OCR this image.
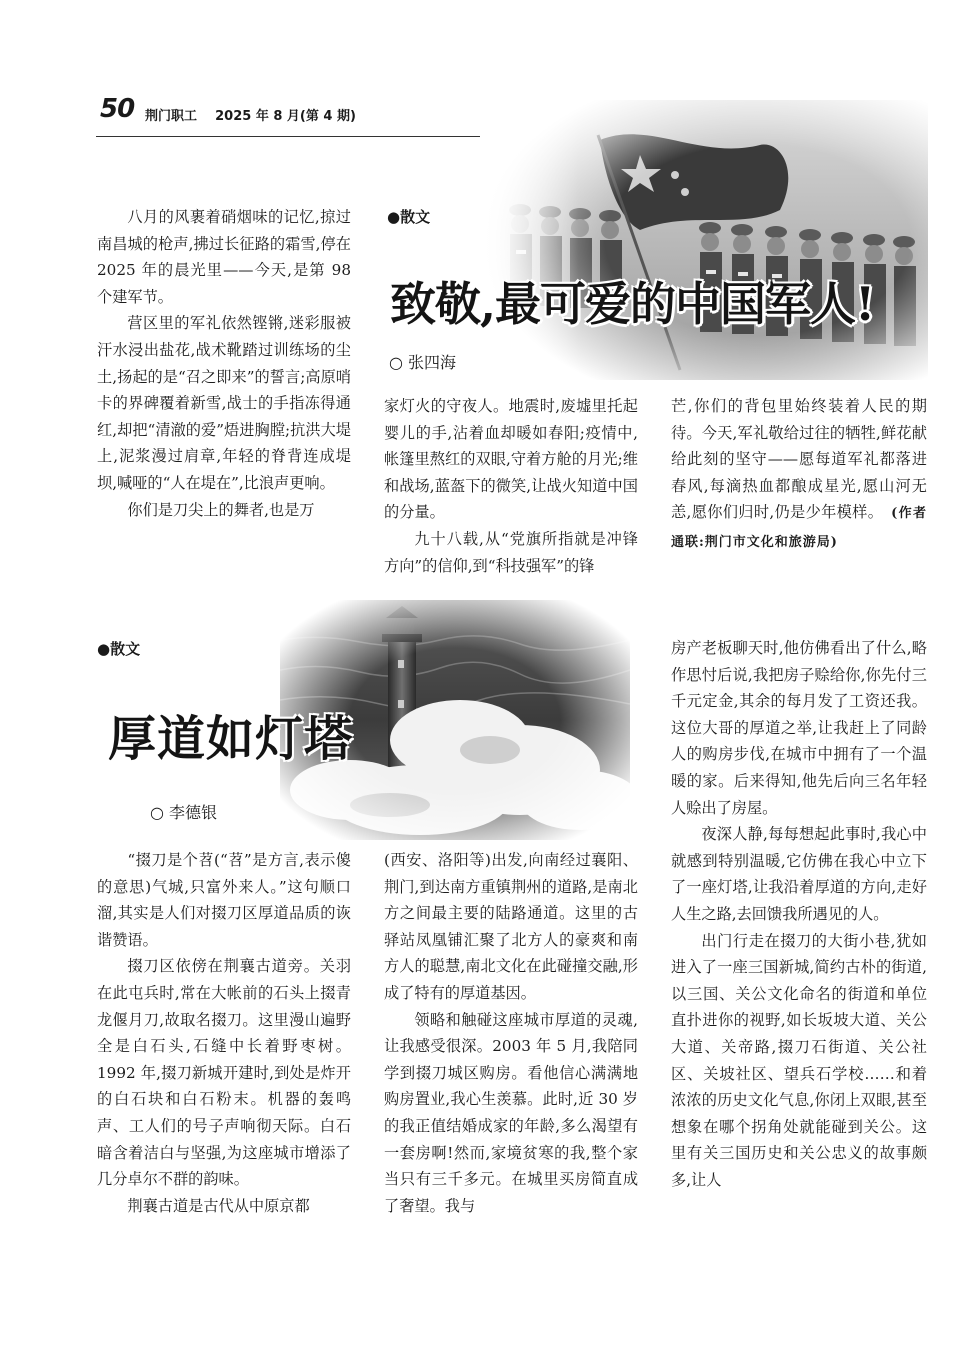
50 荆门职工 2025 年 8 月(第 4 期)
●散文
致敬,最可爱的中国军人!
○ 张四海

八月的风裹着硝烟味的记忆,掠过南昌城的枪声,拂过长征路的霜雪,停在 2025 年的晨光里——今天,是第 98 个建军节。

营区里的军礼依然铿锵,迷彩服被汗水浸出盐花,战术靴踏过训练场的尘土,扬起的是“召之即来”的誓言;高原哨卡的界碑覆着新雪,战士的手指冻得通红,却把“清澈的爱”焐进胸膛;抗洪大堤上,泥浆漫过肩章,年轻的脊背连成堤坝,喊哑的“人在堤在”,比浪声更响。

你们是刀尖上的舞者,也是万

家灯火的守夜人。地震时,废墟里托起婴儿的手,沾着血却暖如春阳;疫情中,帐篷里熬红的双眼,守着方舱的月光;维和战场,蓝盔下的微笑,让战火知道中国的分量。

九十八载,从“党旗所指就是冲锋方向”的信仰,到“科技强军”的锋

芒,你们的背包里始终装着人民的期待。今天,军礼敬给过往的牺牲,鲜花献给此刻的坚守——愿每道军礼都落进春风,每滴热血都酿成星光,愿山河无恙,愿你们归时,仍是少年模样。　 (作者通联:荆门市文化和旅游局)

●散文
厚道如灯塔
○ 李德银

“掇刀是个苕(“苕”是方言,表示傻的意思)气城,只富外来人。”这句顺口溜,其实是人们对掇刀区厚道品质的诙谐赞语。

掇刀区依傍在荆襄古道旁。关羽在此屯兵时,常在大帐前的石头上掇青龙偃月刀,故取名掇刀。这里漫山遍野全是白石头,石缝中长着野枣树。1992 年,掇刀新城开建时,到处是炸开的白石块和白石粉末。机器的轰鸣声、工人们的号子声响彻天际。白石暗含着洁白与坚强,为这座城市增添了几分卓尔不群的韵味。

荆襄古道是古代从中原京都

(西安、洛阳等)出发,向南经过襄阳、荆门,到达南方重镇荆州的道路,是南北方之间最主要的陆路通道。这里的古驿站凤凰铺汇聚了北方人的豪爽和南方人的聪慧,南北文化在此碰撞交融,形成了特有的厚道基因。

领略和触碰这座城市厚道的灵魂,让我感受很深。2003 年 5 月,我陪同学到掇刀城区购房。看他信心满满地购房置业,我心生羡慕。此时,近 30 岁的我正值结婚成家的年龄,多么渴望有一套房啊!然而,家境贫寒的我,整个家当只有三千多元。在城里买房简直成了奢望。我与

房产老板聊天时,他仿佛看出了什么,略作思忖后说,我把房子赊给你,你先付三千元定金,其余的每月发了工资还我。这位大哥的厚道之举,让我赶上了同龄人的购房步伐,在城市中拥有了一个温暖的家。后来得知,他先后向三名年轻人赊出了房屋。

夜深人静,每每想起此事时,我心中就感到特别温暖,它仿佛在我心中立下了一座灯塔,让我沿着厚道的方向,走好人生之路,去回馈我所遇见的人。

出门行走在掇刀的大街小巷,犹如进入了一座三国新城,简约古朴的街道,以三国、关公文化命名的街道和单位直扑进你的视野,如长坂坡大道、关公大道、关帝路,掇刀石街道、关公社区、关坡社区、望兵石学校……和着浓浓的历史文化气息,你闭上双眼,甚至想象在哪个拐角处就能碰到关公。这里有关三国历史和关公忠义的故事颇多,让人
